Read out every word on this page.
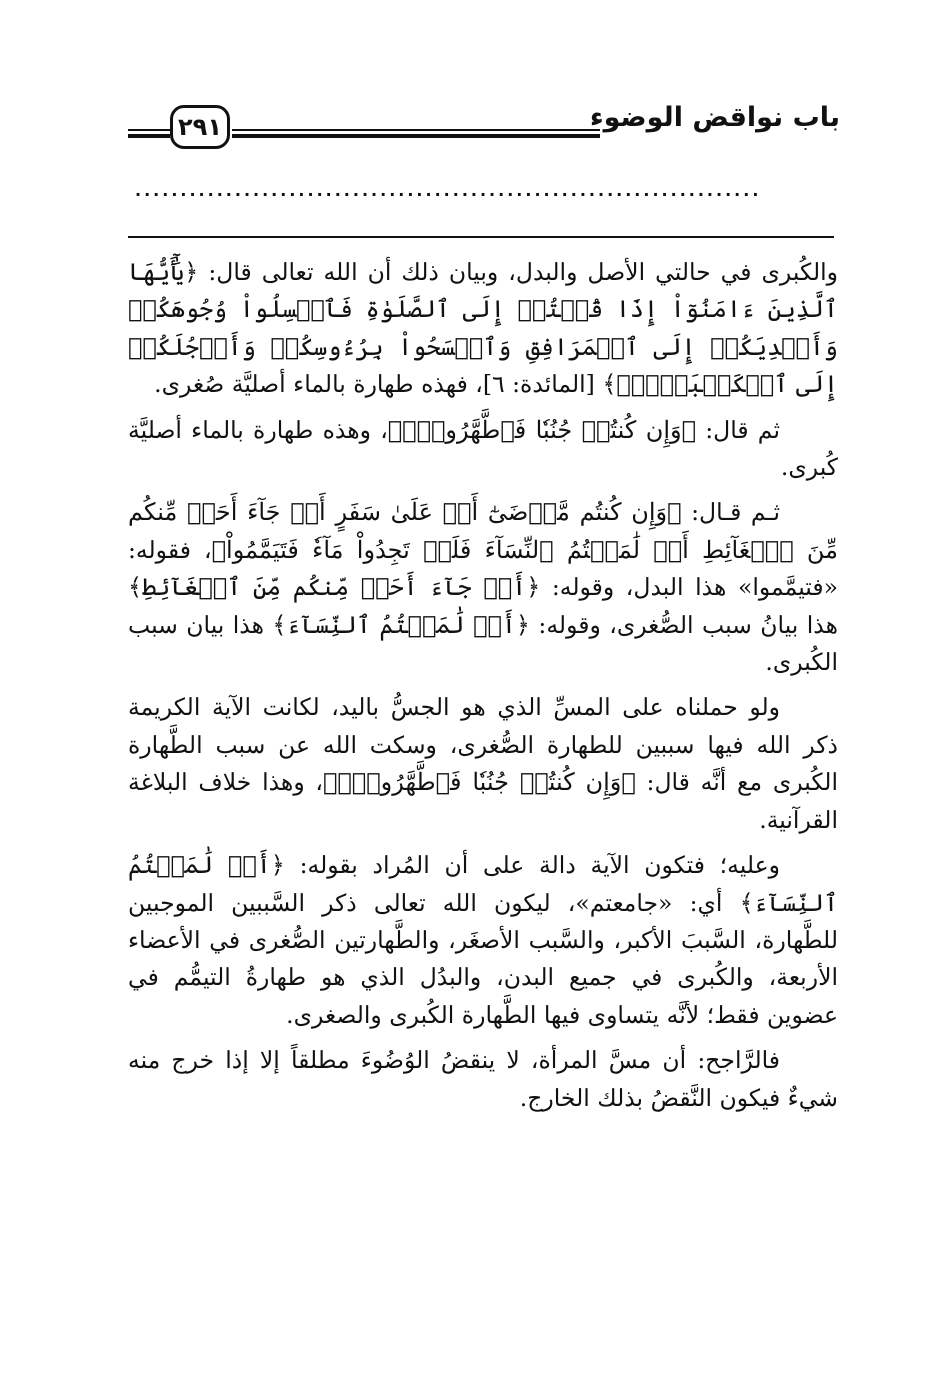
٢٩١	باب نواقض الوضوء
.....................................................................

والكُبرى في حالتي الأصل والبدل، وبيان ذلك أن الله تعالى قال: ﴿يَٰٓأَيُّهَا ٱلَّذِينَ ءَامَنُوٓاْ إِذَا قُمۡتُمۡ إِلَى ٱلصَّلَوٰةِ فَٱغۡسِلُواْ وُجُوهَكُمۡ وَأَيۡدِيَكُمۡ إِلَى ٱلۡمَرَافِقِ وَٱمۡسَحُواْ بِرُءُوسِكُمۡ وَأَرۡجُلَكُمۡ إِلَى ٱلۡكَعۡبَيۡنِۚ﴾ [المائدة: ٦]، فهذه طهارة بالماء أصليَّة صُغرى.

ثم قال: ﴿وَإِن كُنتُمۡ جُنُبٗا فَٱطَّهَّرُواْۚ﴾، وهذه طهارة بالماء أصليَّة كُبرى.

ثـم قـال: ﴿وَإِن كُنتُم مَّرۡضَىٰٓ أَوۡ عَلَىٰ سَفَرٍ أَوۡ جَآءَ أَحَدٞ مِّنكُم مِّنَ ٱلۡغَآئِطِ أَوۡ لَٰمَسۡتُمُ ٱلنِّسَآءَ فَلَمۡ تَجِدُواْ مَآءٗ فَتَيَمَّمُواْ﴾، فقوله: «فتيمَّموا» هذا البدل، وقوله: ﴿أَوۡ جَآءَ أَحَدٞ مِّنكُم مِّنَ ٱلۡغَآئِطِ﴾ هذا بيانُ سبب الصُّغرى، وقوله: ﴿أَوۡ لَٰمَسۡتُمُ ٱلنِّسَآءَ﴾ هذا بيان سبب الكُبرى.

ولو حملناه على المسِّ الذي هو الجسُّ باليد، لكانت الآية الكريمة ذكر الله فيها سببين للطهارة الصُّغرى، وسكت الله عن سبب الطَّهارة الكُبرى مع أنَّه قال: ﴿وَإِن كُنتُمۡ جُنُبٗا فَٱطَّهَّرُواْۚ﴾، وهذا خلاف البلاغة القرآنية.

وعليه؛ فتكون الآية دالة على أن المُراد بقوله: ﴿أَوۡ لَٰمَسۡتُمُ ٱلنِّسَآءَ﴾ أي: «جامعتم»، ليكون الله تعالى ذكر السَّببين الموجبين للطَّهارة، السَّببَ الأكبر، والسَّبب الأصغَر، والطَّهارتين الصُّغرى في الأعضاء الأربعة، والكُبرى في جميع البدن، والبدُل الذي هو طهارةُ التيمُّم في عضوين فقط؛ لأنَّه يتساوى فيها الطَّهارة الكُبرى والصغرى.

فالرَّاجح: أن مسَّ المرأة، لا ينقضُ الوُضُوءَ مطلقاً إلا إذا خرج منه شيءٌ فيكون النَّقضُ بذلك الخارج.
